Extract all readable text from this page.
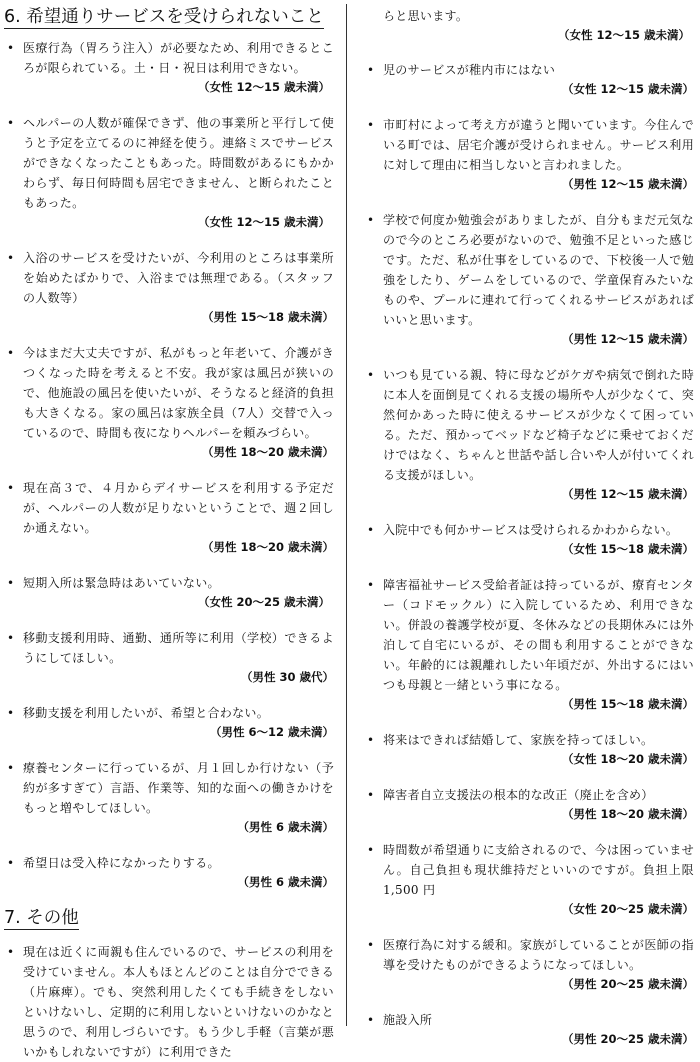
6. 希望通りサービスを受けられないこと
• 医療行為（胃ろう注入）が必要なため、利用できるところが限られている。土・日・祝日は利用できない。
（女性 12～15 歳未満）
• ヘルパーの人数が確保できず、他の事業所と平行して使うと予定を立てるのに神経を使う。連絡ミスでサービスができなくなったこともあった。時間数があるにもかかわらず、毎日何時間も居宅できません、と断られたこともあった。
（女性 12～15 歳未満）
• 入浴のサービスを受けたいが、今利用のところは事業所を始めたばかりで、入浴までは無理である。（スタッフの人数等）
（男性 15～18 歳未満）
• 今はまだ大丈夫ですが、私がもっと年老いて、介護がきつくなった時を考えると不安。我が家は風呂が狭いので、他施設の風呂を使いたいが、そうなると経済的負担も大きくなる。家の風呂は家族全員（7人）交替で入っているので、時間も夜になりヘルパーを頼みづらい。
（男性 18～20 歳未満）
• 現在高３で、４月からデイサービスを利用する予定だが、ヘルパーの人数が足りないということで、週２回しか通えない。
（男性 18～20 歳未満）
• 短期入所は緊急時はあいていない。
（女性 20～25 歳未満）
• 移動支援利用時、通勤、通所等に利用（学校）できるようにしてほしい。
（男性 30 歳代）
• 移動支援を利用したいが、希望と合わない。
（男性 6～12 歳未満）
• 療養センターに行っているが、月１回しか行けない（予約が多すぎて）言語、作業等、知的な面への働きかけをもっと増やしてほしい。
（男性 6 歳未満）
• 希望日は受入枠になかったりする。
（男性 6 歳未満）
7. その他
• 現在は近くに両親も住んでいるので、サービスの利用を受けていません。本人もほとんどのことは自分でできる（片麻痺）。でも、突然利用したくても手続きをしないといけないし、定期的に利用しないといけないのかなと思うので、利用しづらいです。もう少し手軽（言葉が悪いかもしれないですが）に利用できた
らと思います。
（女性 12～15 歳未満）
• 児のサービスが稚内市にはない
（女性 12～15 歳未満）
• 市町村によって考え方が違うと聞いています。今住んでいる町では、居宅介護が受けられません。サービス利用に対して理由に相当しないと言われました。
（男性 12～15 歳未満）
• 学校で何度か勉強会がありましたが、自分もまだ元気なので今のところ必要がないので、勉強不足といった感じです。ただ、私が仕事をしているので、下校後一人で勉強をしたり、ゲームをしているので、学童保育みたいなものや、プールに連れて行ってくれるサービスがあればいいと思います。
（男性 12～15 歳未満）
• いつも見ている親、特に母などがケガや病気で倒れた時に本人を面倒見てくれる支援の場所や人が少なくて、突然何かあった時に使えるサービスが少なくて困っている。ただ、預かってベッドなど椅子などに乗せておくだけではなく、ちゃんと世話や話し合いや人が付いてくれる支援がほしい。
（男性 12～15 歳未満）
• 入院中でも何かサービスは受けられるかわからない。
（女性 15～18 歳未満）
• 障害福祉サービス受給者証は持っているが、療育センター（コドモックル）に入院しているため、利用できない。併設の養護学校が夏、冬休みなどの長期休みには外泊して自宅にいるが、その間も利用することができない。年齢的には親離れしたい年頃だが、外出するにはいつも母親と一緒という事になる。
（男性 15～18 歳未満）
• 将来はできれば結婚して、家族を持ってほしい。
（女性 18～20 歳未満）
• 障害者自立支援法の根本的な改正（廃止を含め）
（男性 18～20 歳未満）
• 時間数が希望通りに支給されるので、今は困っていません。自己負担も現状維持だといいのですが。負担上限 1,500 円
（女性 20～25 歳未満）
• 医療行為に対する緩和。家族がしていることが医師の指導を受けたものができるようになってほしい。
（男性 20～25 歳未満）
• 施設入所
（男性 20～25 歳未満）
